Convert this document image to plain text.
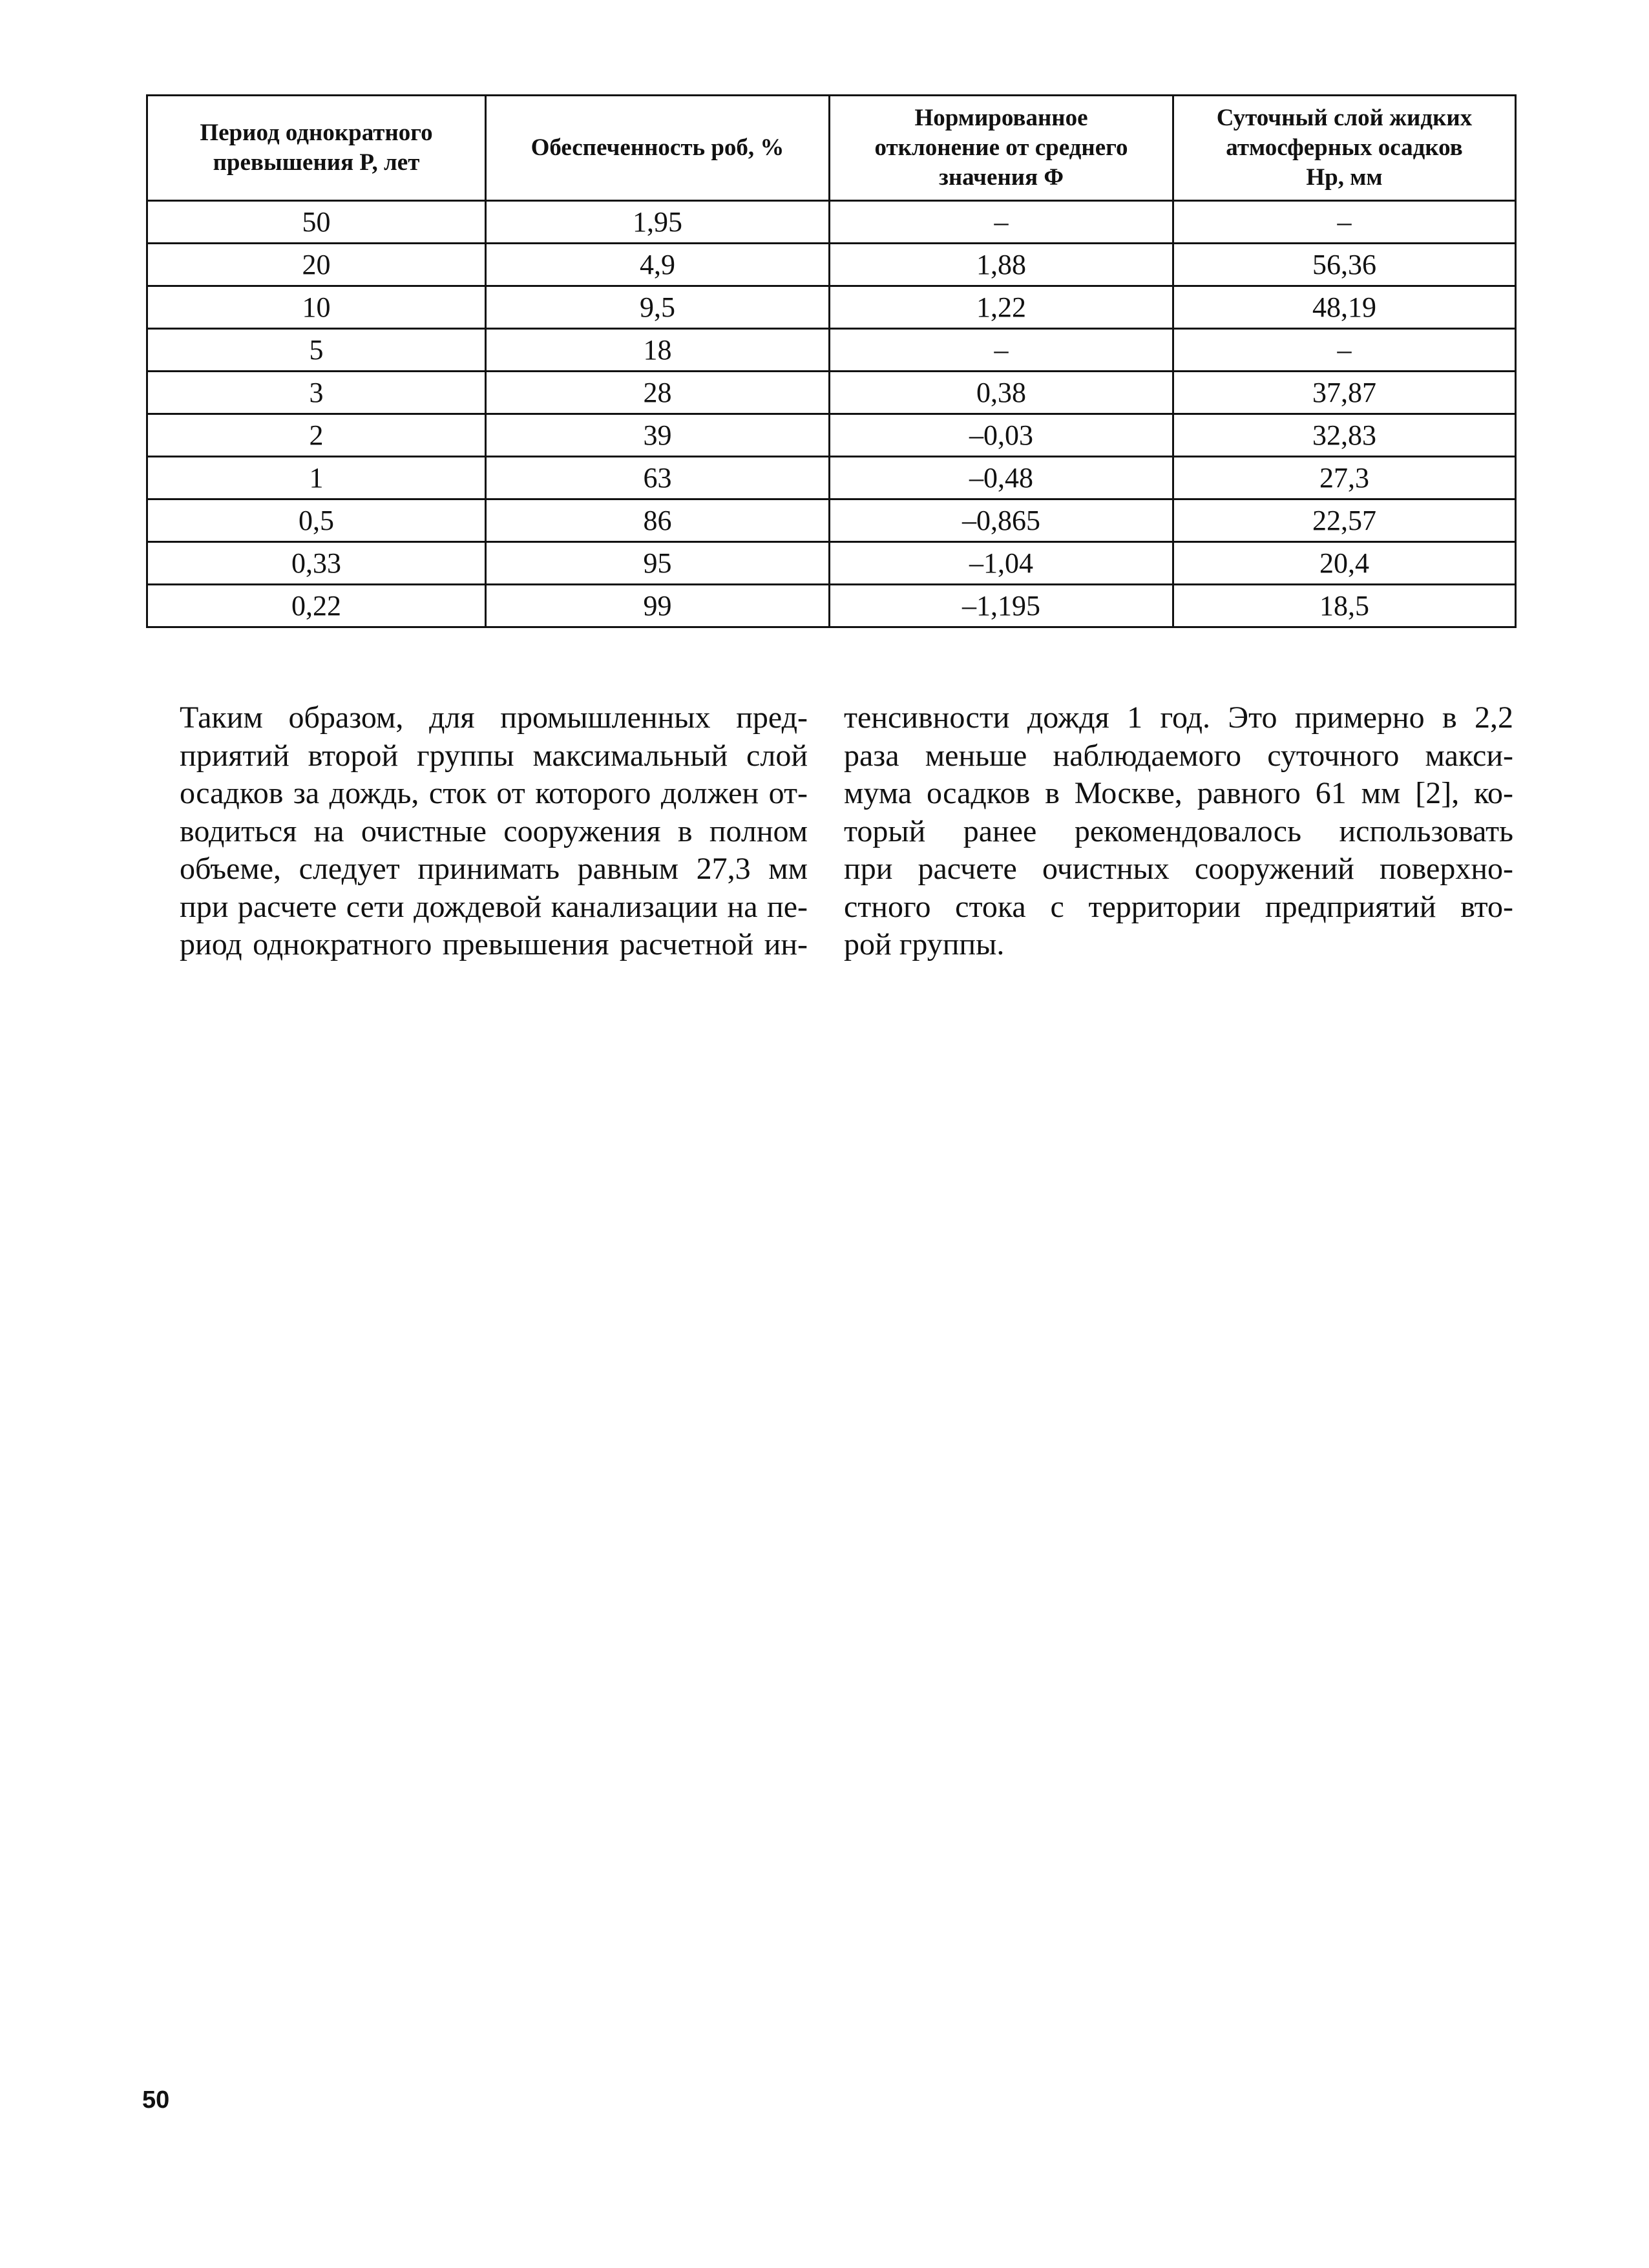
Период однократного
превышения P, лет	Обеспеченность pоб, %	Нормированное
отклонение от среднего
значения Φ	Суточный слой жидких
атмосферных осадков
Hр, мм

50	1,95	–	–
20	4,9	1,88	56,36
10	9,5	1,22	48,19
5	18	–	–
3	28	0,38	37,87
2	39	–0,03	32,83
1	63	–0,48	27,3
0,5	86	–0,865	22,57
0,33	95	–1,04	20,4
0,22	99	–1,195	18,5
Таким образом, для промышленных пред-
приятий второй группы максимальный слой
осадков за дождь, сток от которого должен от-
водиться на очистные сооружения в полном
объеме, следует принимать равным 27,3 мм
при расчете сети дождевой канализации на пе-
риод однократного превышения расчетной ин-
тенсивности дождя 1 год. Это примерно в 2,2
раза меньше наблюдаемого суточного макси-
мума осадков в Москве, равного 61 мм [2], ко-
торый ранее рекомендовалось использовать
при расчете очистных сооружений поверхно-
стного стока с территории предприятий вто-
рой группы.
50
